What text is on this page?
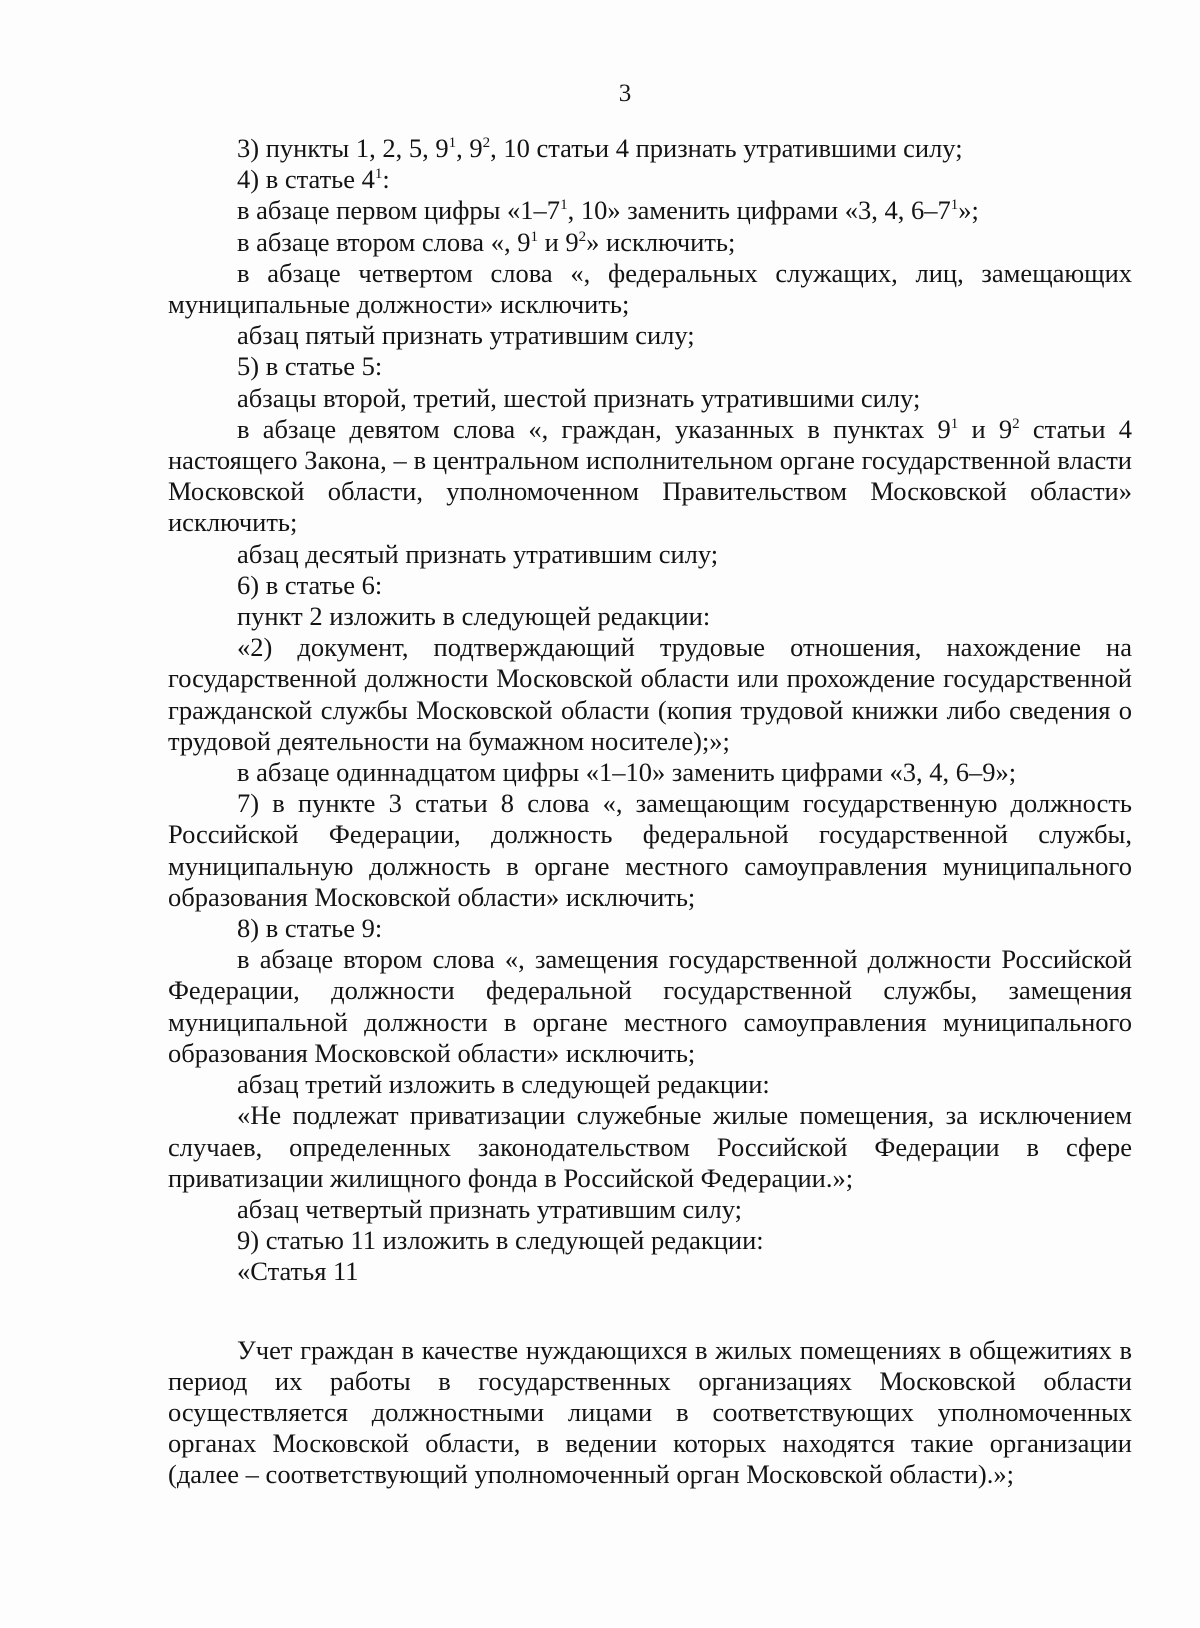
3

3) пункты 1, 2, 5, $9^1$, $9^2$, 10 статьи 4 признать утратившими силу;

4) в статье $4^1$:

в абзаце первом цифры «$1-7^1$, 10» заменить цифрами «3, 4, $6-7^1$»;

в абзаце втором слова «, $9^1$ и $9^2$» исключить;

в абзаце четвертом слова «, федеральных служащих, лиц, замещающих муниципальные должности» исключить;

абзац пятый признать утратившим силу;

5) в статье 5:

абзацы второй, третий, шестой признать утратившими силу;

в абзаце девятом слова «, граждан, указанных в пунктах $9^1$ и $9^2$ статьи 4 настоящего Закона, – в центральном исполнительном органе государственной власти Московской области, уполномоченном Правительством Московской области» исключить;

абзац десятый признать утратившим силу;

6) в статье 6:

пункт 2 изложить в следующей редакции:

«2) документ, подтверждающий трудовые отношения, нахождение на государственной должности Московской области или прохождение государственной гражданской службы Московской области (копия трудовой книжки либо сведения о трудовой деятельности на бумажном носителе);»;

в абзаце одиннадцатом цифры «1–10» заменить цифрами «3, 4, 6–9»;

7) в пункте 3 статьи 8 слова «, замещающим государственную должность Российской Федерации, должность федеральной государственной службы, муниципальную должность в органе местного самоуправления муниципального образования Московской области» исключить;

8) в статье 9:

в абзаце втором слова «, замещения государственной должности Российской Федерации, должности федеральной государственной службы, замещения муниципальной должности в органе местного самоуправления муниципального образования Московской области» исключить;

абзац третий изложить в следующей редакции:

«Не подлежат приватизации служебные жилые помещения, за исключением случаев, определенных законодательством Российской Федерации в сфере приватизации жилищного фонда в Российской Федерации.»;

абзац четвертый признать утратившим силу;

9) статью 11 изложить в следующей редакции:

«Статья 11

Учет граждан в качестве нуждающихся в жилых помещениях в общежитиях в период их работы в государственных организациях Московской области осуществляется должностными лицами в соответствующих уполномоченных органах Московской области, в ведении которых находятся такие организации (далее – соответствующий уполномоченный орган Московской области).»;
